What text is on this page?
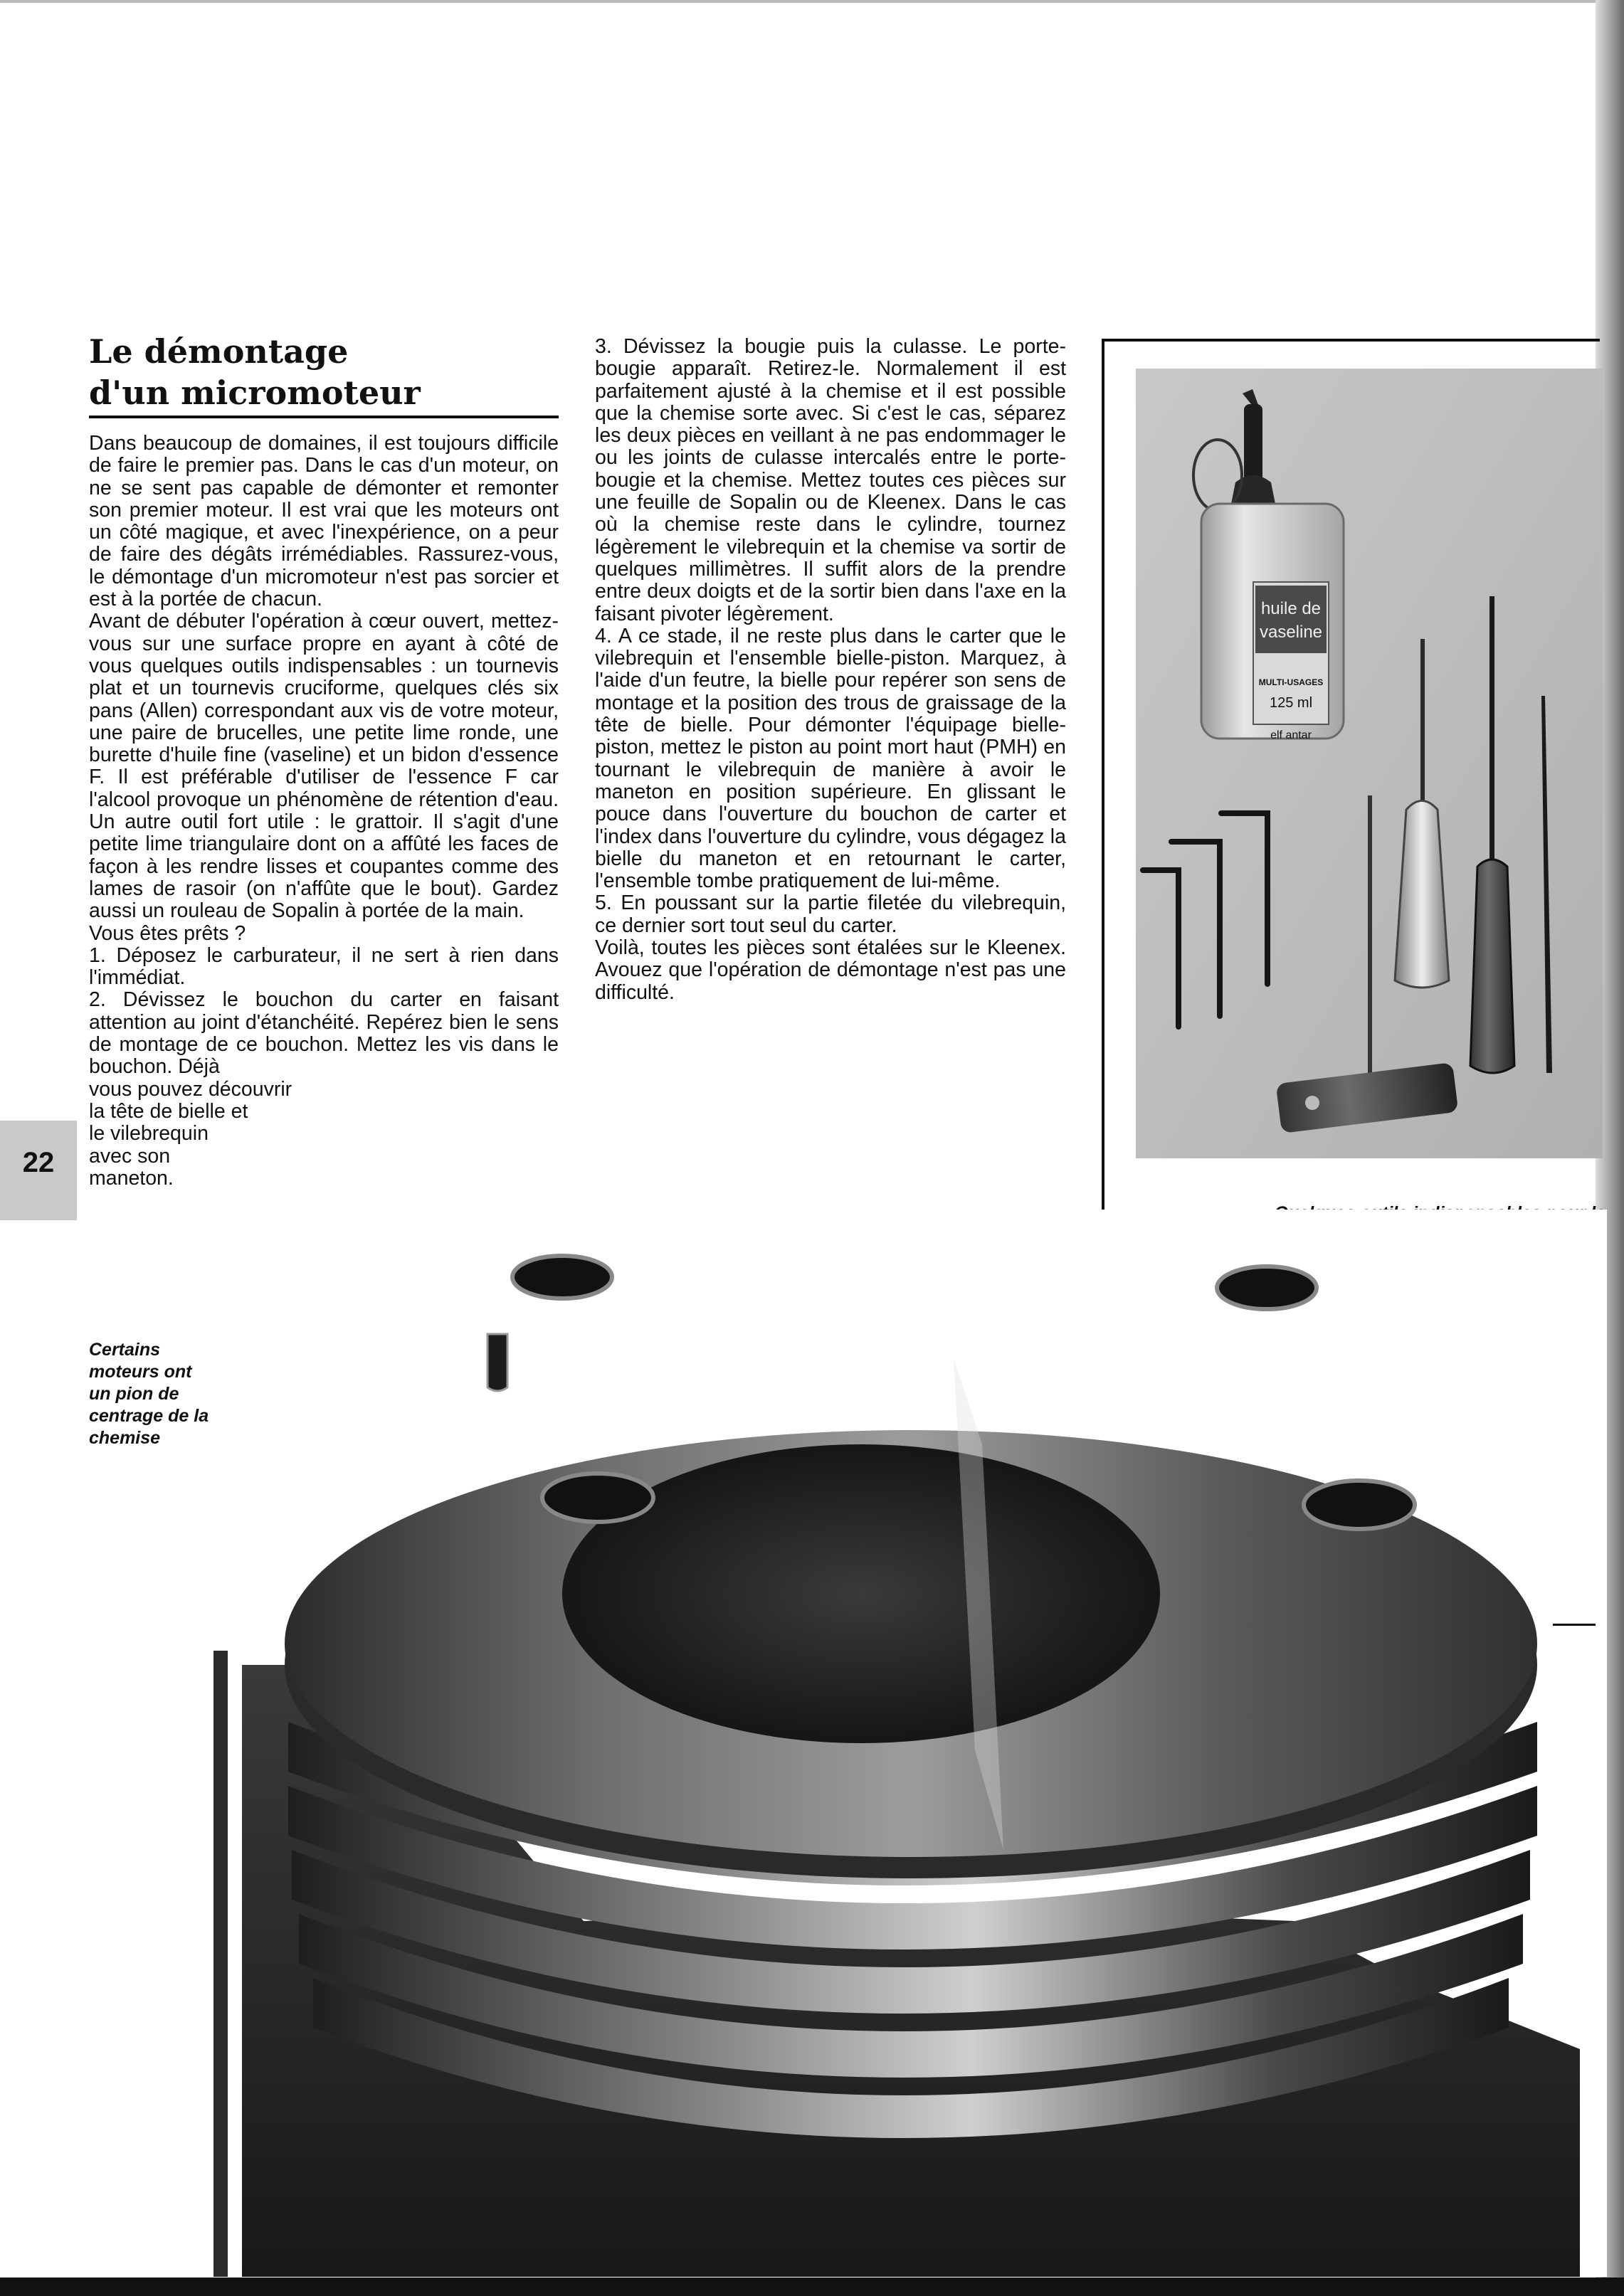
Le démontage
d'un micromoteur

Dans beaucoup de domaines, il est toujours difficile de faire le premier pas. Dans le cas d'un moteur, on ne se sent pas capable de démonter et remonter son premier moteur. Il est vrai que les moteurs ont un côté magique, et avec l'inexpérience, on a peur de faire des dégâts irrémédiables. Rassurez-vous, le démontage d'un micromoteur n'est pas sorcier et est à la portée de chacun.

Avant de débuter l'opération à cœur ouvert, mettez-vous sur une surface propre en ayant à côté de vous quelques outils indispensables : un tournevis plat et un tournevis cruciforme, quelques clés six pans (Allen) correspondant aux vis de votre moteur, une paire de brucelles, une petite lime ronde, une burette d'huile fine (vaseline) et un bidon d'essence F. Il est préférable d'utiliser de l'essence F car l'alcool provoque un phénomène de rétention d'eau. Un autre outil fort utile : le grattoir. Il s'agit d'une petite lime triangulaire dont on a affûté les faces de façon à les rendre lisses et coupantes comme des lames de rasoir (on n'affûte que le bout). Gardez aussi un rouleau de Sopalin à portée de la main.

Vous êtes prêts ?

1. Déposez le carburateur, il ne sert à rien dans l'immédiat.

2. Dévissez le bouchon du carter en faisant attention au joint d'étanchéité. Repérez bien le sens de montage de ce bouchon. Mettez les vis dans le bouchon. Déjà

vous pouvez découvrir

la tête de bielle et

le vilebrequin

avec son

maneton.

3. Dévissez la bougie puis la culasse. Le porte-bougie apparaît. Retirez-le. Normalement il est parfaitement ajusté à la chemise et il est possible que la chemise sorte avec. Si c'est le cas, séparez les deux pièces en veillant à ne pas endommager le ou les joints de culasse intercalés entre le porte-bougie et la chemise. Mettez toutes ces pièces sur une feuille de Sopalin ou de Kleenex. Dans le cas où la chemise reste dans le cylindre, tournez légèrement le vilebrequin et la chemise va sortir de quelques millimètres. Il suffit alors de la prendre entre deux doigts et de la sortir bien dans l'axe en la faisant pivoter légèrement.

4. A ce stade, il ne reste plus dans le carter que le vilebrequin et l'ensemble bielle-piston. Marquez, à l'aide d'un feutre, la bielle pour repérer son sens de montage et la position des trous de graissage de la tête de bielle. Pour démonter l'équipage bielle-piston, mettez le piston au point mort haut (PMH) en tournant le vilebrequin de manière à avoir le maneton en position supérieure. En glissant le pouce dans l'ouverture du bouchon de carter et l'index dans l'ouverture du cylindre, vous dégagez la bielle du maneton et en retournant le carter, l'ensemble tombe pratiquement de lui-même.

5. En poussant sur la partie filetée du vilebrequin, ce dernier sort tout seul du carter.

Voilà, toutes les pièces sont étalées sur le Kleenex. Avouez que l'opération de démontage n'est pas une difficulté.

22
huile de
vaseline
MULTI-USAGES
125 ml
elf antar
Certains moteurs ont un pion de centrage de la chemise
